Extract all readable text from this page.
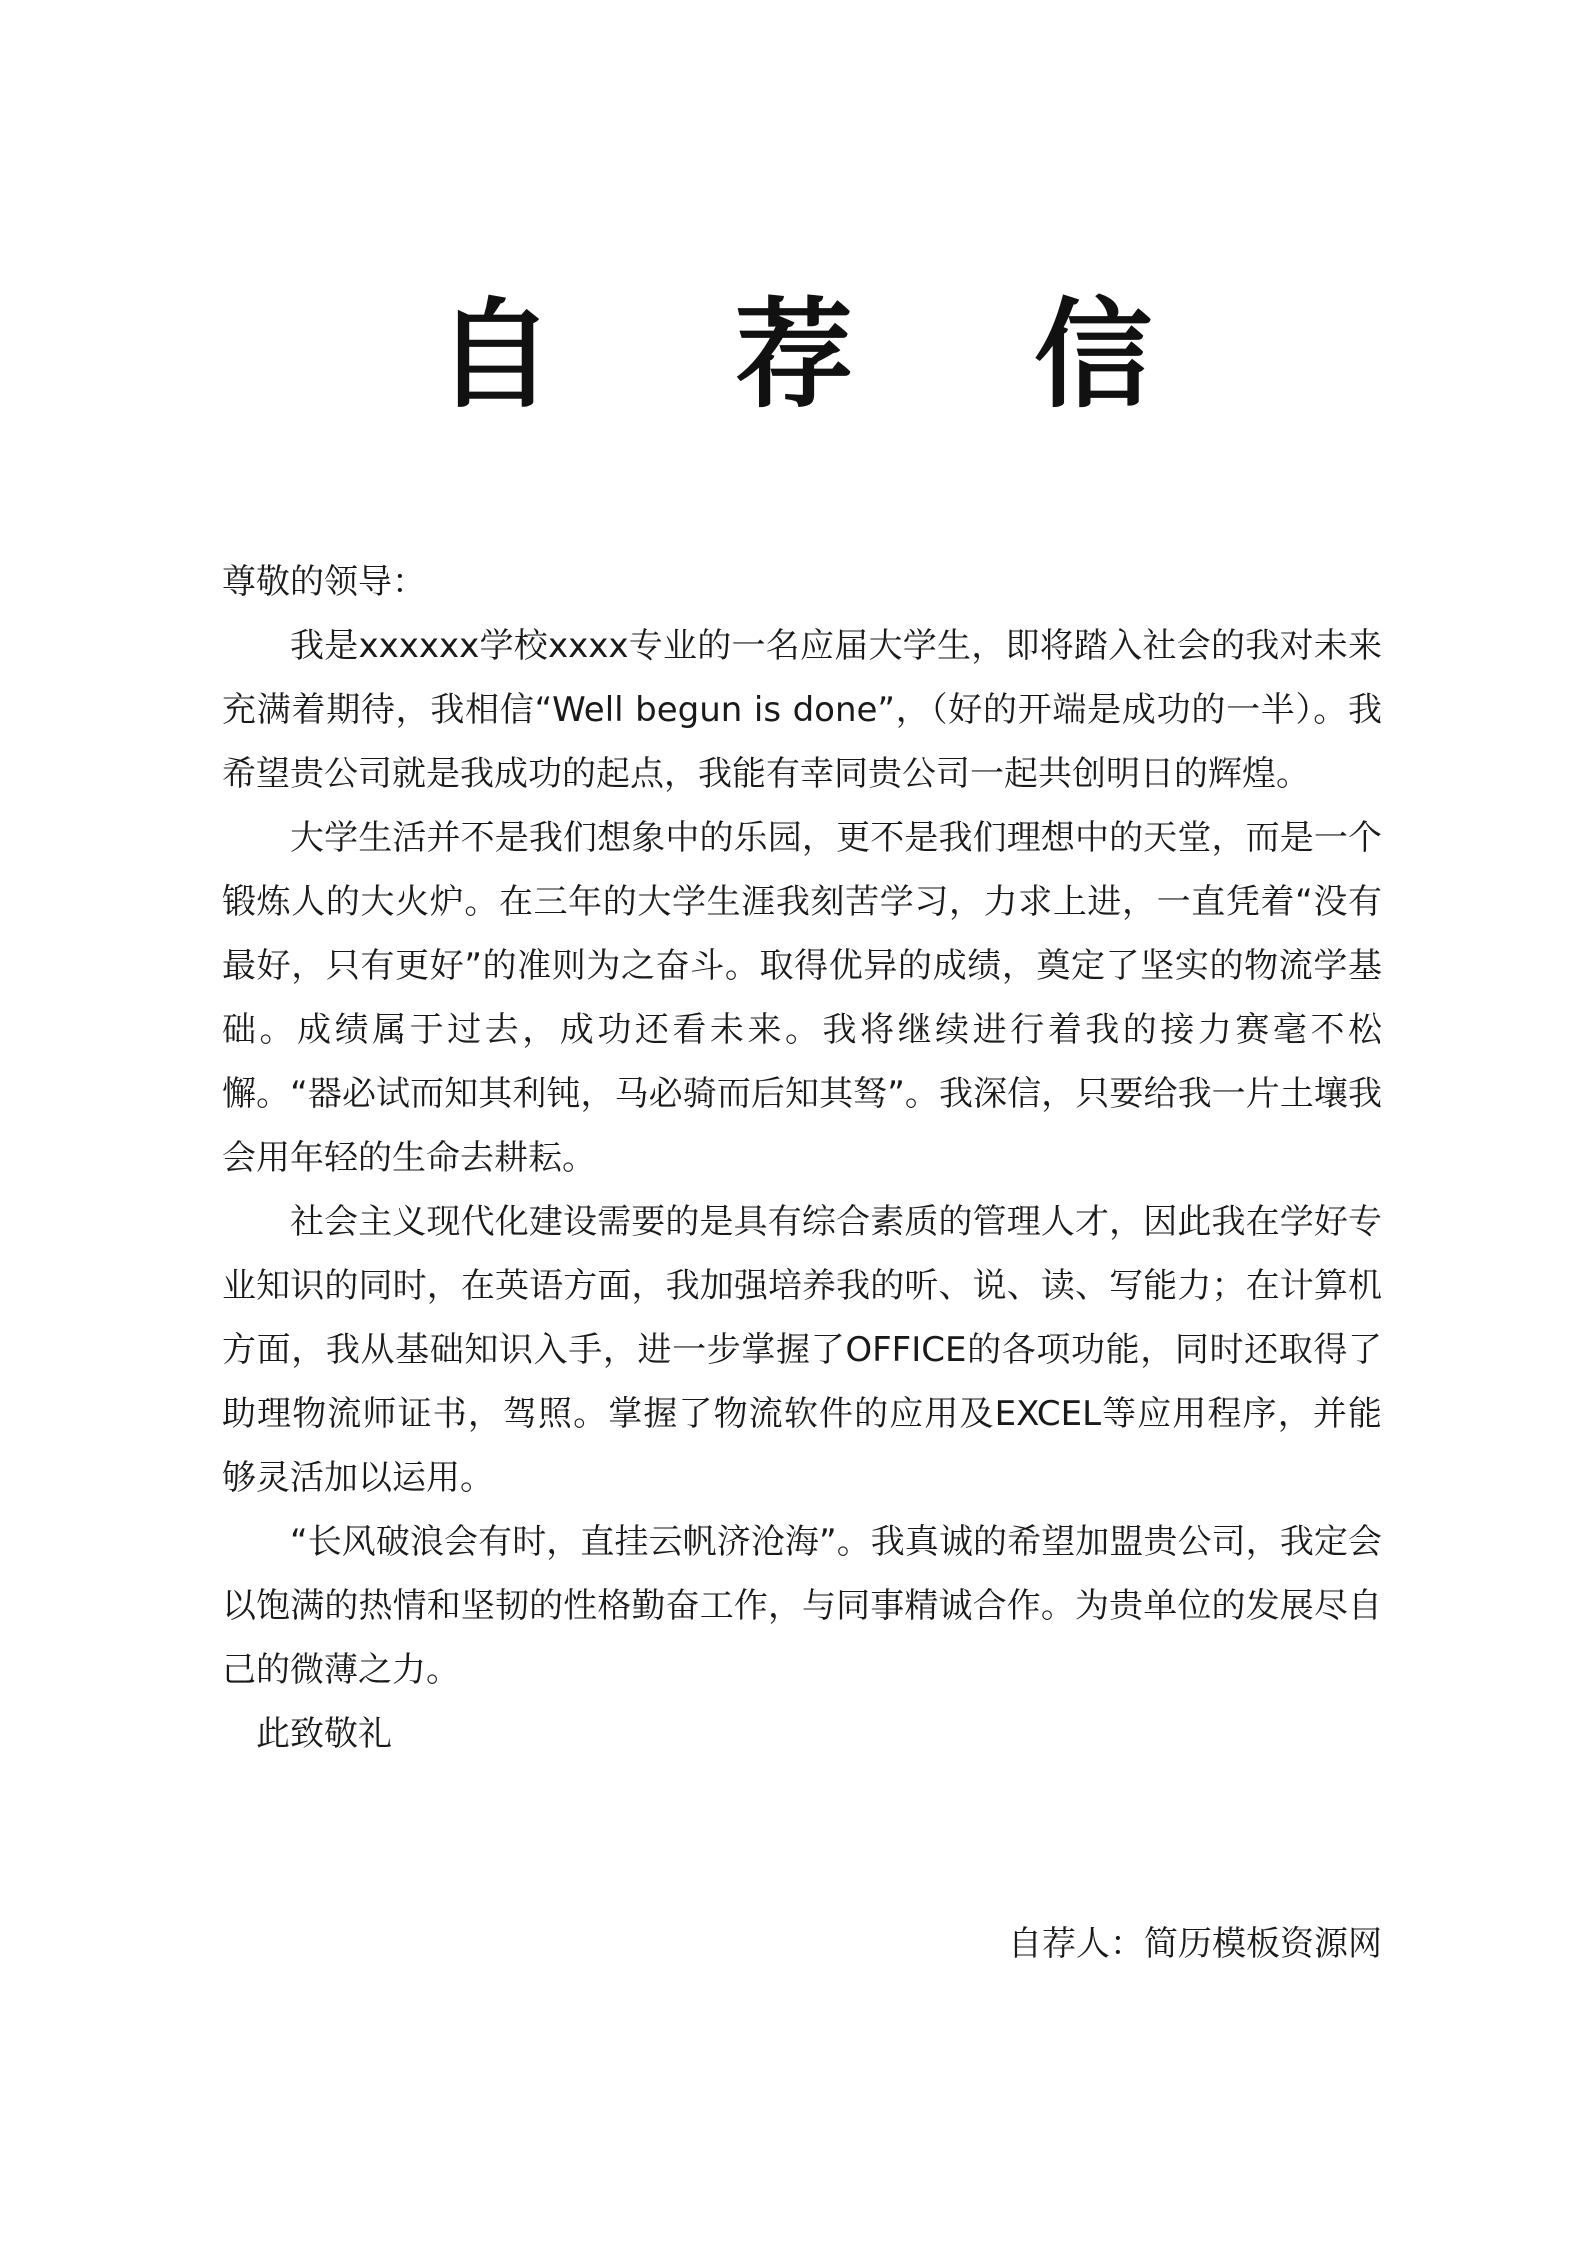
自 荐 信

尊敬的领导：

我是xxxxxx学校xxxx专业的一名应届大学生，即将踏入社会的我对未来充满着期待，我相信“Well begun is done”，（好的开端是成功的一半）。我希望贵公司就是我成功的起点，我能有幸同贵公司一起共创明日的辉煌。

大学生活并不是我们想象中的乐园，更不是我们理想中的天堂，而是一个锻炼人的大火炉。在三年的大学生涯我刻苦学习，力求上进，一直凭着“没有最好，只有更好”的准则为之奋斗。取得优异的成绩，奠定了坚实的物流学基础。成绩属于过去，成功还看未来。我将继续进行着我的接力赛毫不松懈。“器必试而知其利钝，马必骑而后知其驽”。我深信，只要给我一片土壤我会用年轻的生命去耕耘。

社会主义现代化建设需要的是具有综合素质的管理人才，因此我在学好专业知识的同时，在英语方面，我加强培养我的听、说、读、写能力；在计算机方面，我从基础知识入手，进一步掌握了OFFICE的各项功能，同时还取得了助理物流师证书，驾照。掌握了物流软件的应用及EXCEL等应用程序，并能够灵活加以运用。

“长风破浪会有时，直挂云帆济沧海”。我真诚的希望加盟贵公司，我定会以饱满的热情和坚韧的性格勤奋工作，与同事精诚合作。为贵单位的发展尽自己的微薄之力。

此致敬礼

自荐人：简历模板资源网
